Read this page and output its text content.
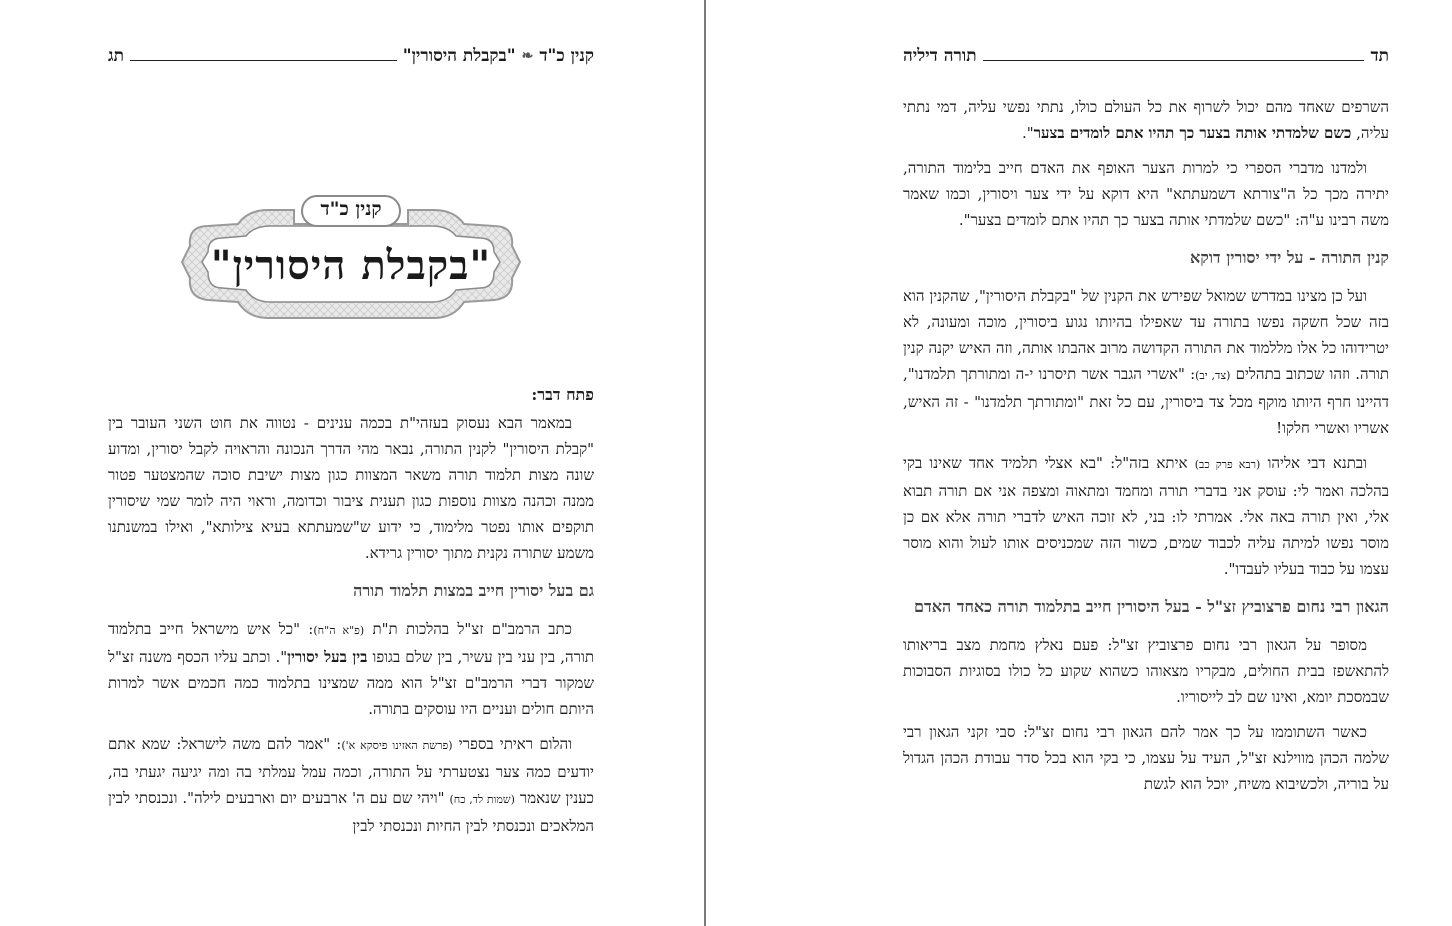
קנין כ"ד
❧
"בקבלת היסורין"
תג
קנין כ"ד
"בקבלת היסורין"
פתח דבר:

במאמר הבא נעסוק בעזהי"ת בכמה ענינים - נטווה את חוט השני העובר בין "קבלת היסורין" לקנין התורה, נבאר מהי הדרך הנכונה והראויה לקבל יסורין, ומדוע שונה מצות תלמוד תורה משאר המצוות כגון מצות ישיבת סוכה שהמצטער פטור ממנה וכהנה מצוות נוספות כגון תענית ציבור וכדומה, וראוי היה לומר שמי שיסורין תוקפים אותו נפטר מלימוד, כי ידוע ש"שמעתתא בעיא צילותא", ואילו במשנתנו משמע שתורה נקנית מתוך יסורין גרידא.

גם בעל יסורין חייב במצות תלמוד תורה

כתב הרמב"ם זצ"ל בהלכות ת"ת (פ"א ה"ח): "כל איש מישראל חייב בתלמוד תורה, בין עני בין עשיר, בין שלם בגופו בין בעל יסורין". וכתב עליו הכסף משנה זצ"ל שמקור דברי הרמב"ם זצ"ל הוא ממה שמצינו בתלמוד כמה חכמים אשר למרות היותם חולים ועניים היו עוסקים בתורה.

והלום ראיתי בספרי (פרשת האזינו פיסקא א'): "אמר להם משה לישראל: שמא אתם יודעים כמה צער נצטערתי על התורה, וכמה עמל עמלתי בה ומה יגיעה יגעתי בה, כענין שנאמר (שמות לד, כח) "ויהי שם עם ה' ארבעים יום וארבעים לילה". ונכנסתי לבין המלאכים ונכנסתי לבין החיות ונכנסתי לבין

תד
תורה דיליה

השרפים שאחד מהם יכול לשרוף את כל העולם כולו, נתתי נפשי עליה, דמי נתתי עליה, כשם שלמדתי אותה בצער כך תהיו אתם לומדים בצער".

ולמדנו מדברי הספרי כי למרות הצער האופף את האדם חייב בלימוד התורה, יתירה מכך כל ה"צורתא דשמעתתא" היא דוקא על ידי צער ויסורין, וכמו שאמר משה רבינו ע"ה: "כשם שלמדתי אותה בצער כך תהיו אתם לומדים בצער".

קנין התורה - על ידי יסורין דוקא

ועל כן מצינו במדרש שמואל שפירש את הקנין של "בקבלת היסורין", שהקנין הוא בזה שכל חשקה נפשו בתורה עד שאפילו בהיותו נגוע ביסורין, מוכה ומעונה, לא יטרידוהו כל אלו מללמוד את התורה הקדושה מרוב אהבתו אותה, וזה האיש יקנה קנין תורה. וזהו שכתוב בתהלים (צד, יב): "אשרי הגבר אשר תיסרנו י-ה ומתורתך תלמדנו", דהיינו חרף היותו מוקף מכל צד ביסורין, עם כל זאת "ומתורתך תלמדנו" - זה האיש, אשריו ואשרי חלקו!

ובתנא דבי אליהו (רבא פרק כב) איתא בזה"ל: "בא אצלי תלמיד אחד שאינו בקי בהלכה ואמר לי: עוסק אני בדברי תורה ומחמד ומתאוה ומצפה אני אם תורה תבוא אלי, ואין תורה באה אלי. אמרתי לו: בני, לא זוכה האיש לדברי תורה אלא אם כן מוסר נפשו למיתה עליה לכבוד שמים, כשור הזה שמכניסים אותו לעול והוא מוסר עצמו על כבוד בעליו לעבדו".

הגאון רבי נחום פרצוביץ זצ"ל - בעל היסורין חייב בתלמוד תורה כאחד האדם

מסופר על הגאון רבי נחום פרצוביץ זצ"ל: פעם נאלץ מחמת מצב בריאותו להתאשפז בבית החולים, מבקריו מצאוהו כשהוא שקוע כל כולו בסוגיות הסבוכות שבמסכת יומא, ואינו שם לב לייסוריו.

כאשר השתוממו על כך אמר להם הגאון רבי נחום זצ"ל: סבי זקני הגאון רבי שלמה הכהן מווילנא זצ"ל, העיד על עצמו, כי בקי הוא בכל סדר עבודת הכהן הגדול על בוריה, ולכשיבוא משיח, יוכל הוא לגשת
